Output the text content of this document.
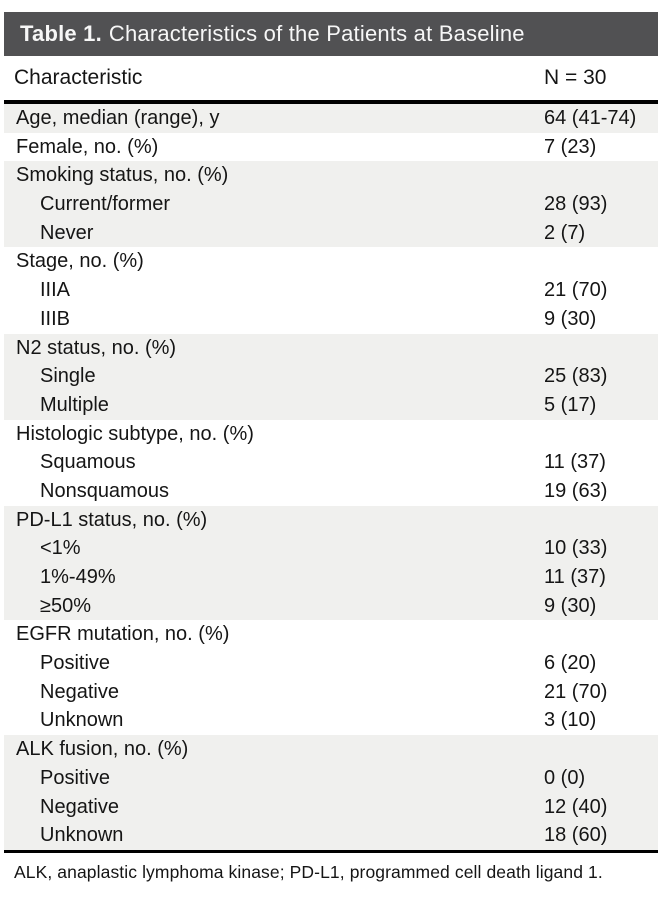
Table 1. Characteristics of the Patients at Baseline
Characteristic	N = 30
Age, median (range), y	64 (41-74)
Female, no. (%)	7 (23)
Smoking status, no. (%)
Current/former	28 (93)
Never	2 (7)
Stage, no. (%)
IIIA	21 (70)
IIIB	9 (30)
N2 status, no. (%)
Single	25 (83)
Multiple	5 (17)
Histologic subtype, no. (%)
Squamous	11 (37)
Nonsquamous	19 (63)
PD-L1 status, no. (%)
<1%	10 (33)
1%-49%	11 (37)
≥50%	9 (30)
EGFR mutation, no. (%)
Positive	6 (20)
Negative	21 (70)
Unknown	3 (10)
ALK fusion, no. (%)
Positive	0 (0)
Negative	12 (40)
Unknown	18 (60)
ALK, anaplastic lymphoma kinase; PD-L1, programmed cell death ligand 1.
